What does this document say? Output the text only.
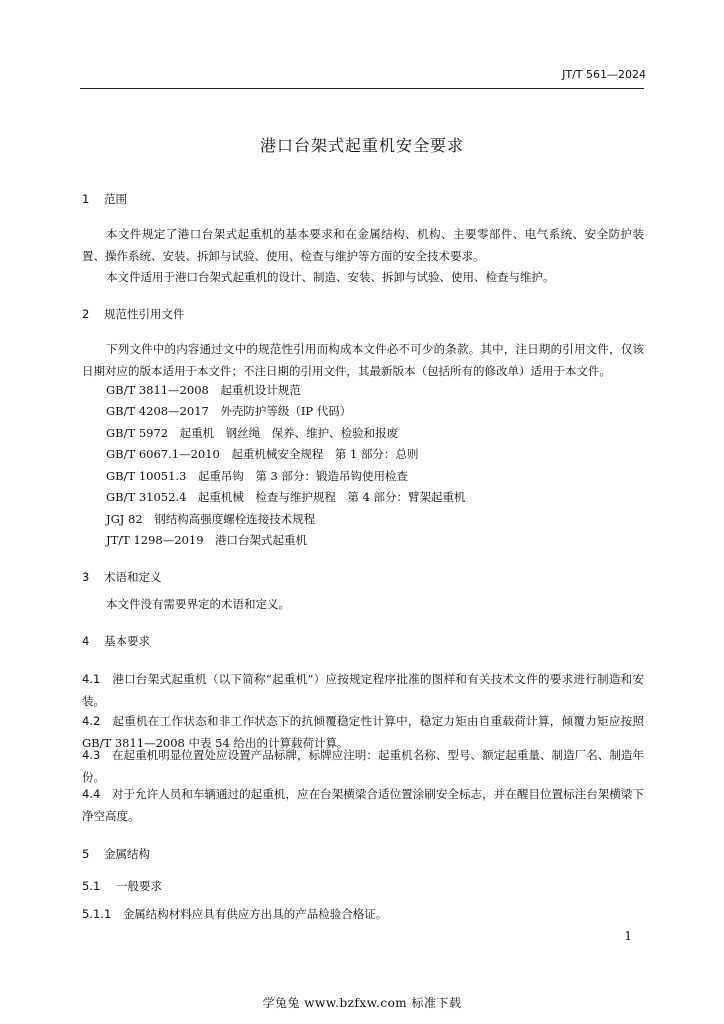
JT/T 561—2024
港口台架式起重机安全要求
1 范围
本文件规定了港口台架式起重机的基本要求和在金属结构、机构、主要零部件、电气系统、安全防护装置、操作系统、安装、拆卸与试验、使用、检查与维护等方面的安全技术要求。
本文件适用于港口台架式起重机的设计、制造、安装、拆卸与试验、使用、检查与维护。
2 规范性引用文件
下列文件中的内容通过文中的规范性引用而构成本文件必不可少的条款。其中，注日期的引用文件，仅该日期对应的版本适用于本文件；不注日期的引用文件，其最新版本（包括所有的修改单）适用于本文件。
GB/T 3811—2008　起重机设计规范
GB/T 4208—2017　外壳防护等级（IP 代码）
GB/T 5972　起重机　钢丝绳　保养、维护、检验和报废
GB/T 6067.1—2010　起重机械安全规程　第 1 部分：总则
GB/T 10051.3　起重吊钩　第 3 部分：锻造吊钩使用检查
GB/T 31052.4　起重机械　检查与维护规程　第 4 部分：臂架起重机
JGJ 82　钢结构高强度螺栓连接技术规程
JT/T 1298—2019　港口台架式起重机
3 术语和定义
本文件没有需要界定的术语和定义。
4 基本要求
4.1　 港口台架式起重机（以下简称“起重机”）应按规定程序批准的图样和有关技术文件的要求进行制造和安装。
4.2　 起重机在工作状态和非工作状态下的抗倾覆稳定性计算中，稳定力矩由自重载荷计算，倾覆力矩应按照 GB/T 3811—2008 中表 54 给出的计算载荷计算。
4.3　 在起重机明显位置处应设置产品标牌，标牌应注明：起重机名称、型号、额定起重量、制造厂名、制造年份。
4.4　 对于允许人员和车辆通过的起重机，应在台架横梁合适位置涂刷安全标志，并在醒目位置标注台架横梁下净空高度。
5 金属结构
5.1 一般要求
5.1.1　 金属结构材料应具有供应方出具的产品检验合格证。
1
学兔兔 www.bzfxw.com 标准下载
